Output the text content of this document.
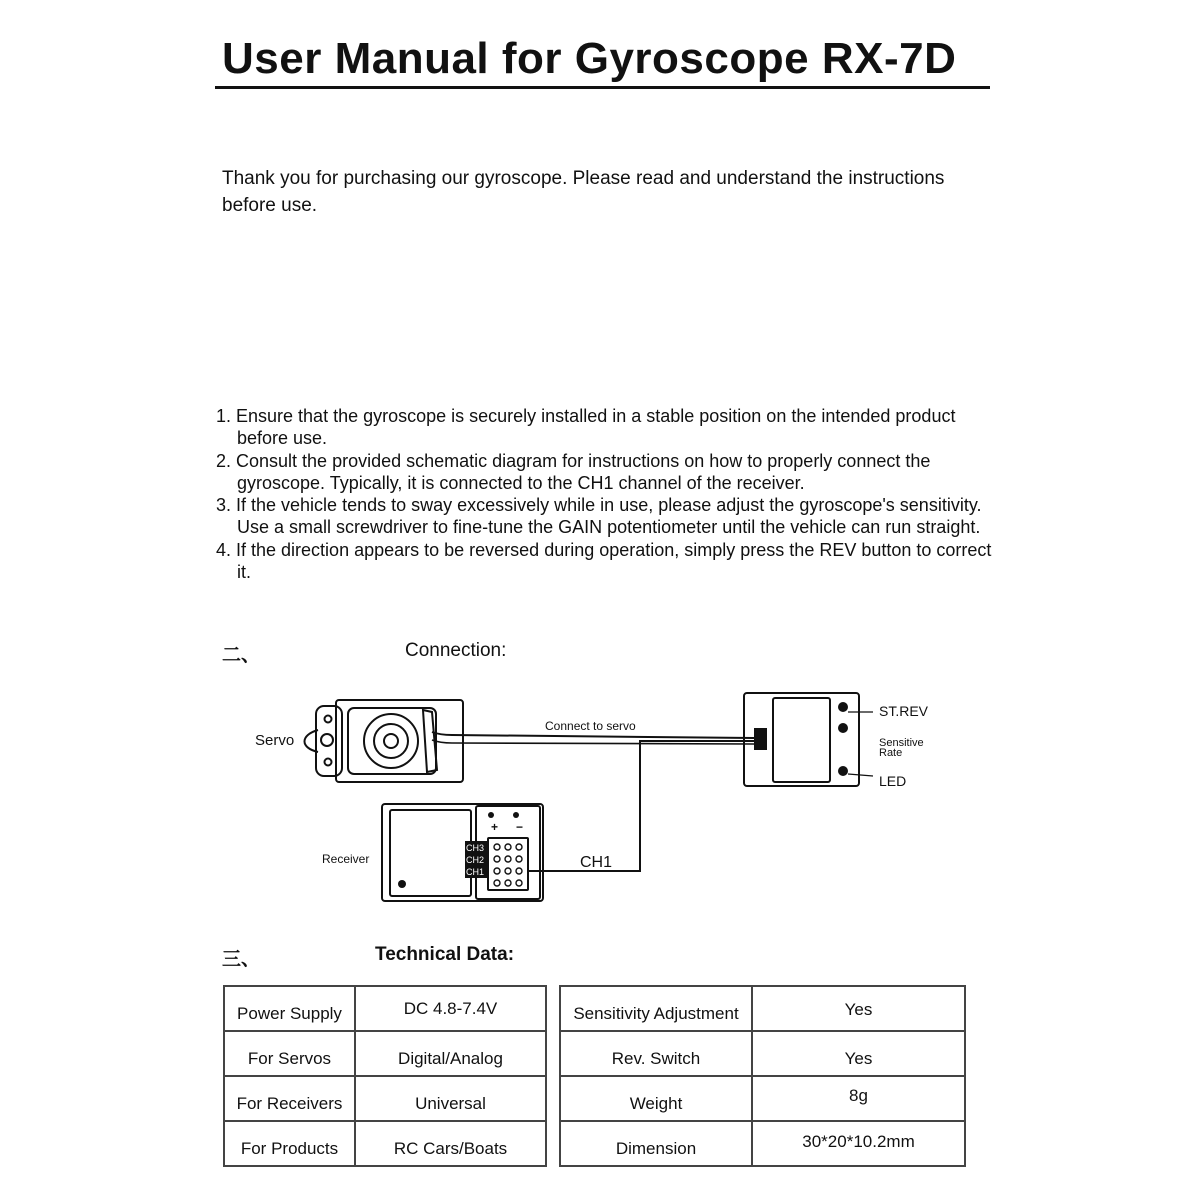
User Manual for Gyroscope RX-7D
Thank you for purchasing our gyroscope. Please read and understand the instructions before use.
1. Ensure that the gyroscope is securely installed in a stable position on the intended product before use.
2. Consult the provided schematic diagram for instructions on how to properly connect the gyroscope. Typically, it is connected to the CH1 channel of the receiver.
3. If the vehicle tends to sway excessively while in use, please adjust the gyroscope's sensitivity. Use a small screwdriver to fine-tune the GAIN potentiometer until the vehicle can run straight.
4. If the direction appears to be reversed during operation, simply press the REV button to correct it.
二、	Connection:
Servo
Connect to servo
ST.REV
Sensitive
Rate
LED
CH1
+ −
CH3
CH2
CH1
Receiver
三、	Technical Data:
Power Supply	DC 4.8-7.4V

For Servos	Digital/Analog

For Receivers	Universal

For Products	RC Cars/Boats
Sensitivity Adjustment	Yes

Rev. Switch	Yes

Weight	8g

Dimension	30*20*10.2mm
